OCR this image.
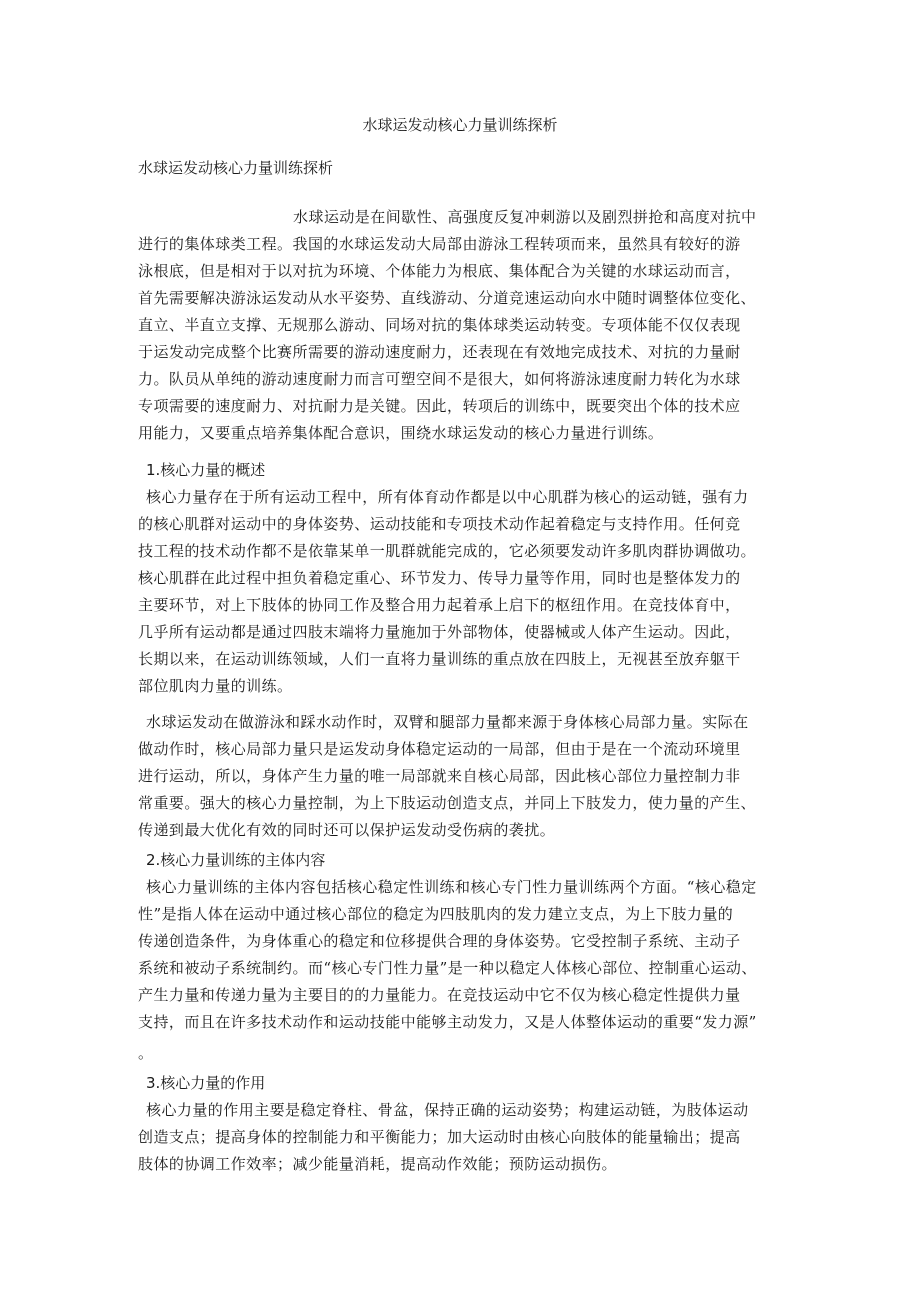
水球运发动核心力量训练探析
水球运发动核心力量训练探析
水球运动是在间歇性、高强度反复冲刺游以及剧烈拼抢和高度对抗中
进行的集体球类工程。我国的水球运发动大局部由游泳工程转项而来，虽然具有较好的游
泳根底，但是相对于以对抗为环境、个体能力为根底、集体配合为关键的水球运动而言，
首先需要解决游泳运发动从水平姿势、直线游动、分道竞速运动向水中随时调整体位变化、
直立、半直立支撑、无规那么游动、同场对抗的集体球类运动转变。专项体能不仅仅表现
于运发动完成整个比赛所需要的游动速度耐力，还表现在有效地完成技术、对抗的力量耐
力。队员从单纯的游动速度耐力而言可塑空间不是很大，如何将游泳速度耐力转化为水球
专项需要的速度耐力、对抗耐力是关键。因此，转项后的训练中，既要突出个体的技术应
用能力，又要重点培养集体配合意识，围绕水球运发动的核心力量进行训练。
1.核心力量的概述
核心力量存在于所有运动工程中，所有体育动作都是以中心肌群为核心的运动链，强有力
的核心肌群对运动中的身体姿势、运动技能和专项技术动作起着稳定与支持作用。任何竞
技工程的技术动作都不是依靠某单一肌群就能完成的，它必须要发动许多肌肉群协调做功。
核心肌群在此过程中担负着稳定重心、环节发力、传导力量等作用，同时也是整体发力的
主要环节，对上下肢体的协同工作及整合用力起着承上启下的枢纽作用。在竞技体育中，
几乎所有运动都是通过四肢末端将力量施加于外部物体，使器械或人体产生运动。因此，
长期以来，在运动训练领域，人们一直将力量训练的重点放在四肢上，无视甚至放弃躯干
部位肌肉力量的训练。
水球运发动在做游泳和踩水动作时，双臂和腿部力量都来源于身体核心局部力量。实际在
做动作时，核心局部力量只是运发动身体稳定运动的一局部，但由于是在一个流动环境里
进行运动，所以，身体产生力量的唯一局部就来自核心局部，因此核心部位力量控制力非
常重要。强大的核心力量控制，为上下肢运动创造支点，并同上下肢发力，使力量的产生、
传递到最大优化有效的同时还可以保护运发动受伤病的袭扰。
2.核心力量训练的主体内容
核心力量训练的主体内容包括核心稳定性训练和核心专门性力量训练两个方面。“核心稳定
性”是指人体在运动中通过核心部位的稳定为四肢肌肉的发力建立支点，为上下肢力量的
传递创造条件，为身体重心的稳定和位移提供合理的身体姿势。它受控制子系统、主动子
系统和被动子系统制约。而“核心专门性力量”是一种以稳定人体核心部位、控制重心运动、
产生力量和传递力量为主要目的的力量能力。在竞技运动中它不仅为核心稳定性提供力量
支持，而且在许多技术动作和运动技能中能够主动发力，又是人体整体运动的重要“发力源”
。
3.核心力量的作用
核心力量的作用主要是稳定脊柱、骨盆，保持正确的运动姿势；构建运动链，为肢体运动
创造支点；提高身体的控制能力和平衡能力；加大运动时由核心向肢体的能量输出；提高
肢体的协调工作效率；减少能量消耗，提高动作效能；预防运动损伤。
